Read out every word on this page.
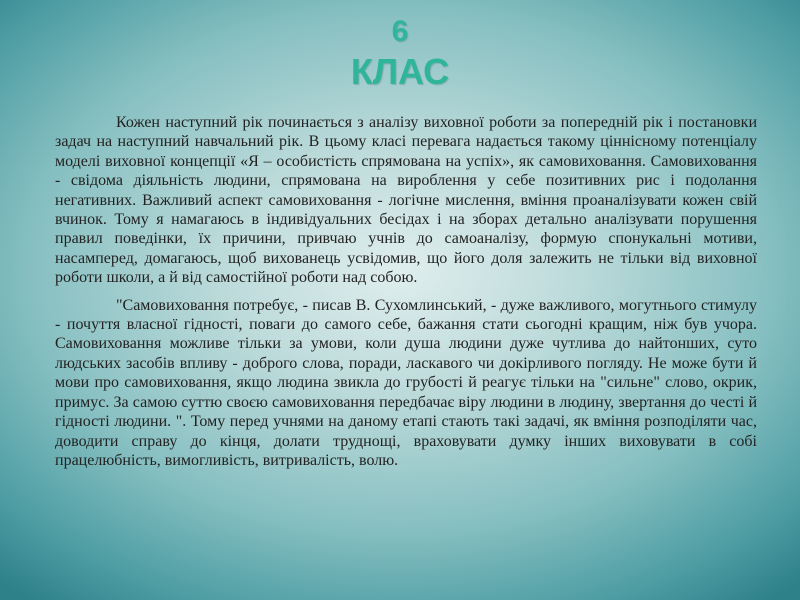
6
КЛАС

Кожен наступний рік починається з аналізу виховної роботи за попередній рік і постановки задач на наступний навчальний рік. В цьому класі перевага надається такому ціннісному потенціалу моделі виховної концепції «Я – особистість спрямована на успіх», як самовиховання. Самовиховання - свідома діяльність людини, спрямована на вироблення у себе позитивних рис і подолання негативних. Важливий аспект самовиховання - логічне мислення, вміння проаналізувати кожен свій вчинок. Тому я намагаюсь в індивідуальних бесідах і на зборах детально аналізувати порушення правил поведінки, їх причини, привчаю учнів до самоаналізу, формую спонукальні мотиви, насамперед, домагаюсь, щоб вихованець усвідомив, що його доля залежить не тільки від виховної роботи школи, а й від самостійної роботи над собою.

"Самовиховання потребує, - писав В. Сухомлинський, - дуже важливого, могутнього стимулу - почуття власної гідності, поваги до самого себе, бажання стати сьогодні кращим, ніж був учора. Самовиховання можливе тільки за умови, коли душа людини дуже чутлива до найтонших, суто людських засобів впливу - доброго слова, поради, ласкавого чи докірливого погляду. Не може бути й мови про самовиховання, якщо людина звикла до грубості й реагує тільки на "сильне" слово, окрик, примус. За самою суттю своєю самовиховання передбачає віру людини в людину, звертання до честі й гідності людини. ". Тому перед учнями на даному етапі стають такі задачі, як вміння розподіляти час, доводити справу до кінця, долати труднощі, враховувати думку інших виховувати в собі працелюбність, вимогливість, витривалість, волю.
